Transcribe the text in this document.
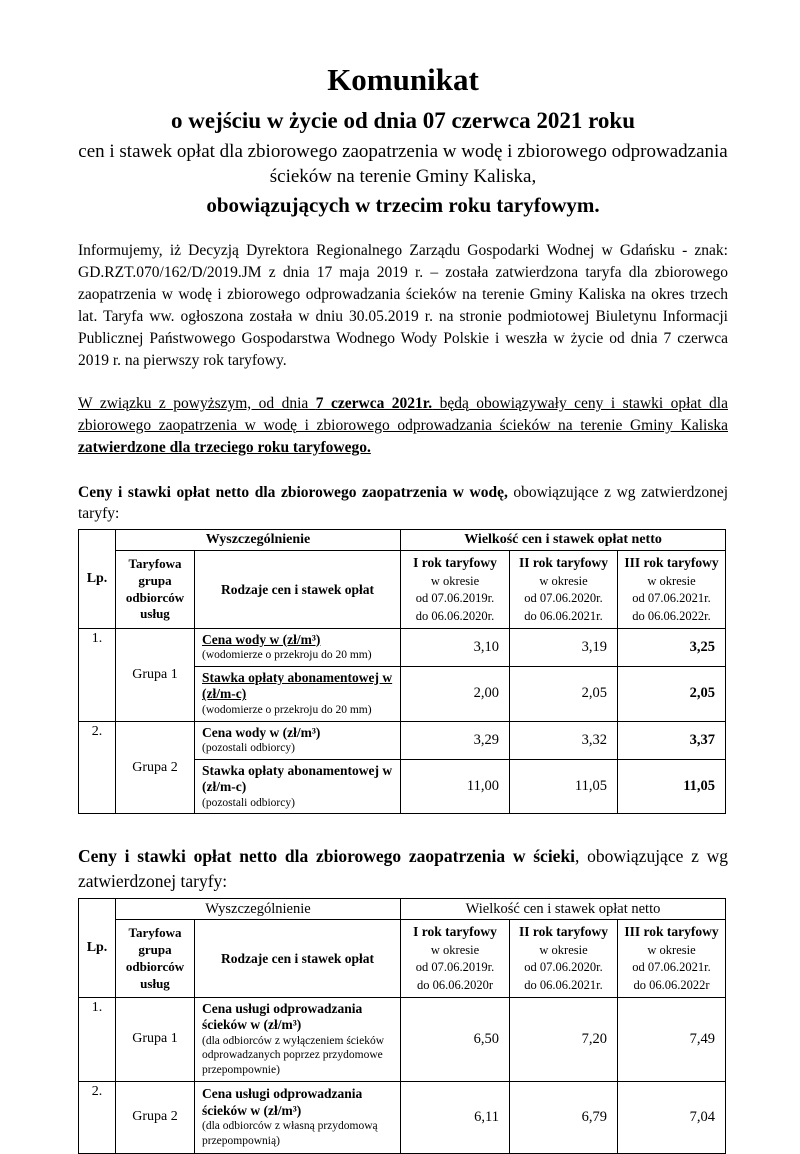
Komunikat
o wejściu w życie od dnia 07 czerwca 2021 roku
cen i stawek opłat dla zbiorowego zaopatrzenia w wodę i zbiorowego odprowadzania ścieków na terenie Gminy Kaliska,
obowiązujących w trzecim roku taryfowym.

Informujemy, iż Decyzją Dyrektora Regionalnego Zarządu Gospodarki Wodnej w Gdańsku - znak: GD.RZT.070/162/D/2019.JM z dnia 17 maja 2019 r. – została zatwierdzona taryfa dla zbiorowego zaopatrzenia w wodę i zbiorowego odprowadzania ścieków na terenie Gminy Kaliska na okres trzech lat. Taryfa ww. ogłoszona została w dniu 30.05.2019 r. na stronie podmiotowej Biuletynu Informacji Publicznej Państwowego Gospodarstwa Wodnego Wody Polskie i weszła w życie od dnia 7 czerwca 2019 r. na pierwszy rok taryfowy.

W związku z powyższym, od dnia 7 czerwca 2021r. będą obowiązywały ceny i stawki opłat dla zbiorowego zaopatrzenia w wodę i zbiorowego odprowadzania ścieków na terenie Gminy Kaliska zatwierdzone dla trzeciego roku taryfowego.

Ceny i stawki opłat netto dla zbiorowego zaopatrzenia w wodę, obowiązujące z wg zatwierdzonej taryfy:

Lp.	Wyszczególnienie		Wielkość cen i stawek opłat netto		
	Taryfowa grupa odbiorców usług	Rodzaje cen i stawek opłat	I rok taryfowy
w okresie
od 07.06.2019r.
do 06.06.2020r.	II rok taryfowy
w okresie
od 07.06.2020r.
do 06.06.2021r.	III rok taryfowy
w okresie
od 07.06.2021r.
do 06.06.2022r.
1.	Grupa 1	Cena wody w (zł/m³)
(wodomierze o przekroju do 20 mm)	3,10	3,19	3,25

		Stawka opłaty abonamentowej w (zł/m-c)
(wodomierze o przekroju do 20 mm)	2,00	2,05	2,05
2.	Grupa 2	Cena wody w (zł/m³)
(pozostali odbiorcy)	3,29	3,32	3,37

		Stawka opłaty abonamentowej w (zł/m-c)
(pozostali odbiorcy)	11,00	11,05	11,05

Ceny i stawki opłat netto dla zbiorowego zaopatrzenia w ścieki, obowiązujące z wg zatwierdzonej taryfy:

Lp.	Wyszczególnienie		Wielkość cen i stawek opłat netto		
	Taryfowa grupa odbiorców usług	Rodzaje cen i stawek opłat	I rok taryfowy
w okresie
od 07.06.2019r.
do 06.06.2020r	II rok taryfowy
w okresie
od 07.06.2020r.
do 06.06.2021r.	III rok taryfowy
w okresie
od 07.06.2021r.
do 06.06.2022r
1.	Grupa 1	Cena usługi odprowadzania ścieków w (zł/m³)
(dla odbiorców z wyłączeniem ścieków odprowadzanych poprzez przydomowe przepompownie)	6,50	7,20	7,49
2.	Grupa 2	Cena usługi odprowadzania ścieków w (zł/m³)
(dla odbiorców z własną przydomową przepompownią)	6,11	6,79	7,04
